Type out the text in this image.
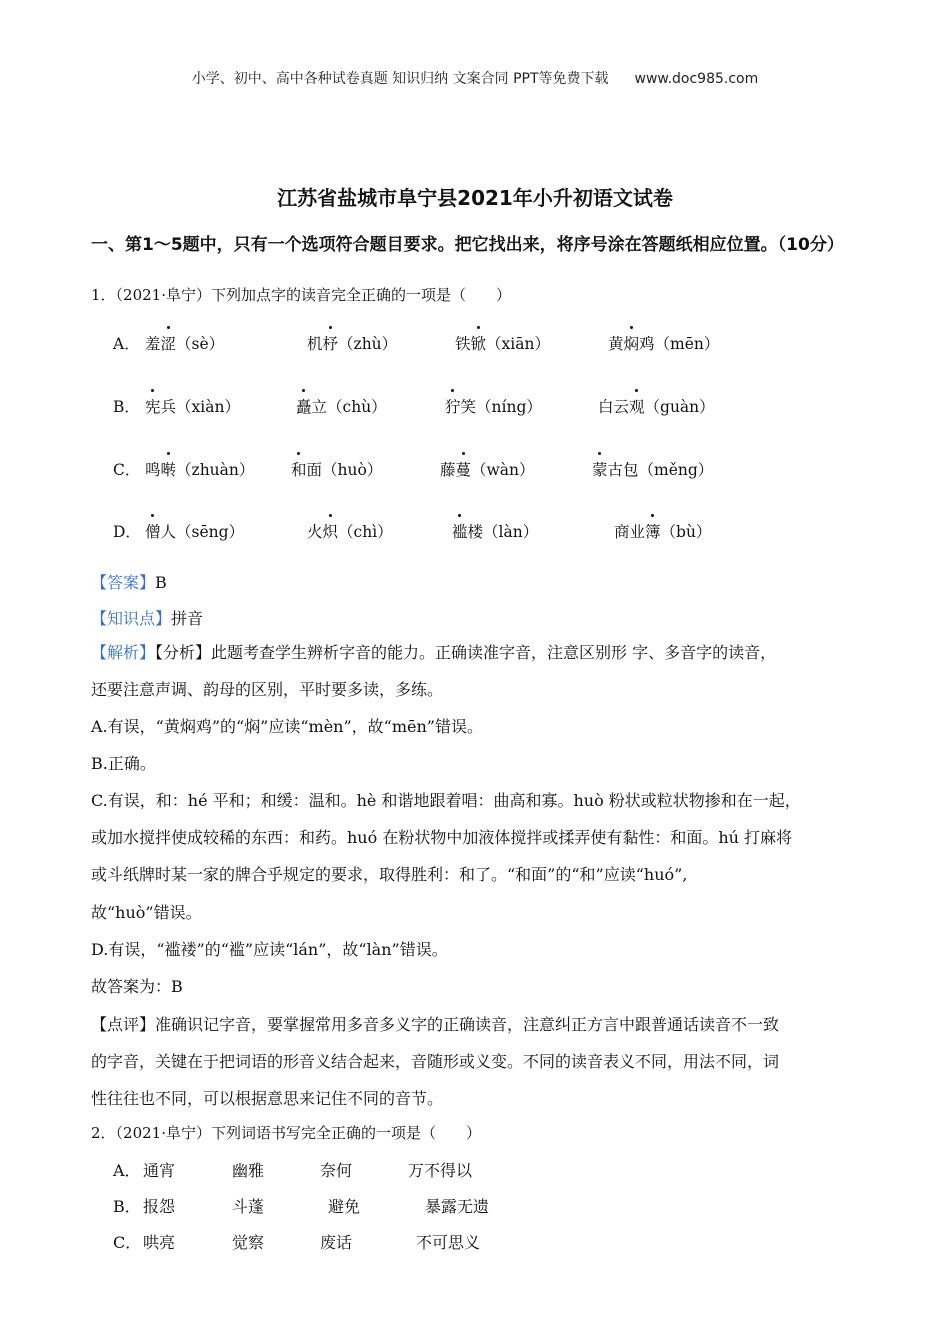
小学、初中、高中各种试卷真题 知识归纳 文案合同 PPT等免费下载 www.doc985.com
江苏省盐城市阜宁县2021年小升初语文试卷
一、第1～5题中，只有一个选项符合题目要求。把它找出来，将序号涂在答题纸相应位置。（10分）
1．（2021·阜宁）下列加点字的读音完全正确的一项是（　　）
A． 羞涩（sè）	机杼（zhù）	铁锨（xiān）	黄焖鸡（mēn）
B． 宪兵（xiàn）	矗立（chù）	狞笑（níng）	白云观（guàn）
C． 鸣啭（zhuàn） 和面（huò）	藤蔓（wàn）	蒙古包（měng）
D． 僧人（sēng）	火炽（chì）	褴楼（làn）	商业簿（bù）
【答案】B
【知识点】拼音
【解析】【分析】此题考查学生辨析字音的能力。正确读准字音，注意区别形 字、多音字的读音，
还要注意声调、韵母的区别，平时要多读，多练。
A.有误，“黄焖鸡”的“焖”应读“mèn”，故“mēn”错误。
B.正确。
C.有误，和：hé 平和；和缓：温和。hè 和谐地跟着唱：曲高和寡。huò 粉状或粒状物掺和在一起，
或加水搅拌使成较稀的东西：和药。huó 在粉状物中加液体搅拌或揉弄使有黏性：和面。hú 打麻将
或斗纸牌时某一家的牌合乎规定的要求，取得胜利：和了。“和面”的“和”应读“huó”,
故“huò”错误。
D.有误，“褴褛”的“褴”应读“lán”，故“làn”错误。
故答案为：B
【点评】准确识记字音，要掌握常用多音多义字的正确读音，注意纠正方言中跟普通话读音不一致
的字音，关键在于把词语的形音义结合起来，音随形或义变。不同的读音表义不同，用法不同，词
性往往也不同，可以根据意思来记住不同的音节。
2．（2021·阜宁）下列词语书写完全正确的一项是（　　）
A． 通宵	幽雅	奈何	万不得以
B． 报怨	斗蓬	避免	暴露无遗
C． 哄亮	觉察	废话	不可思义
